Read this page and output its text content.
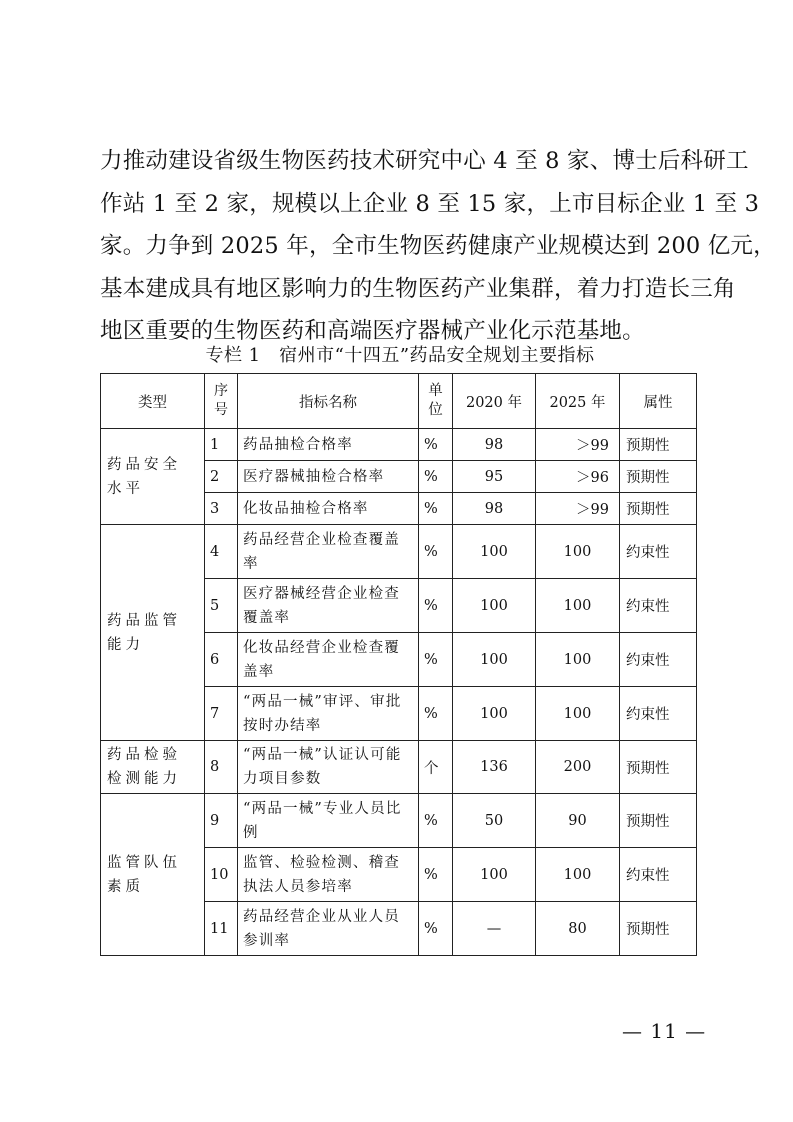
力推动建设省级生物医药技术研究中心 4 至 8 家、博士后科研工
作站 1 至 2 家，规模以上企业 8 至 15 家，上市目标企业 1 至 3
家。力争到 2025 年，全市生物医药健康产业规模达到 200 亿元，
基本建成具有地区影响力的生物医药产业集群，着力打造长三角
地区重要的生物医药和高端医疗器械产业化示范基地。
专栏 1　宿州市“十四五”药品安全规划主要指标
类型	序号	指标名称	单位	2020 年	2025 年	属性
药品安全水平	1	药品抽检合格率	%	98	＞99	预期性
	2	医疗器械抽检合格率	%	95	＞96	预期性
	3	化妆品抽检合格率	%	98	＞99	预期性
药品监管能力	4	药品经营企业检查覆盖率	%	100	100	约束性
	5	医疗器械经营企业检查覆盖率	%	100	100	约束性
	6	化妆品经营企业检查覆盖率	%	100	100	约束性
	7	“两品一械”审评、审批按时办结率	%	100	100	约束性
药品检验检测能力	8	“两品一械”认证认可能力项目参数	个	136	200	预期性
监管队伍素质	9	“两品一械”专业人员比例	%	50	90	预期性
	10	监管、检验检测、稽查执法人员参培率	%	100	100	约束性
	11	药品经营企业从业人员参训率	%	—	80	预期性
— 11 —
